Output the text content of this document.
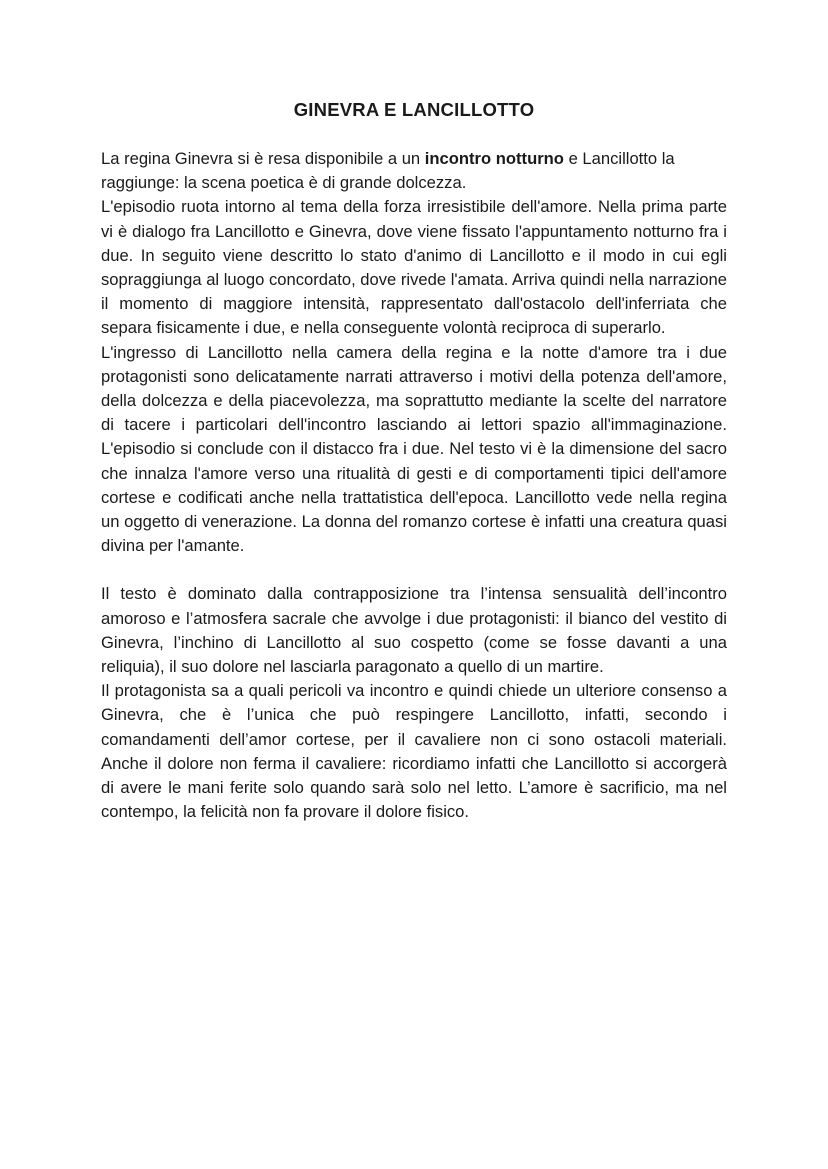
GINEVRA E LANCILLOTTO

La regina Ginevra si è resa disponibile a un incontro notturno e Lancillotto la raggiunge: la scena poetica è di grande dolcezza.

L'episodio ruota intorno al tema della forza irresistibile dell'amore. Nella prima parte vi è dialogo fra Lancillotto e Ginevra, dove viene fissato l'appuntamento notturno fra i due. In seguito viene descritto lo stato d'animo di Lancillotto e il modo in cui egli sopraggiunga al luogo concordato, dove rivede l'amata. Arriva quindi nella narrazione il momento di maggiore intensità, rappresentato dall'ostacolo dell'inferriata che separa fisicamente i due, e nella conseguente volontà reciproca di superarlo.

L'ingresso di Lancillotto nella camera della regina e la notte d'amore tra i due protagonisti sono delicatamente narrati attraverso i motivi della potenza dell'amore, della dolcezza e della piacevolezza, ma soprattutto mediante la scelte del narratore di tacere i particolari dell'incontro lasciando ai lettori spazio all'immaginazione. L'episodio si conclude con il distacco fra i due. Nel testo vi è la dimensione del sacro che innalza l'amore verso una ritualità di gesti e di comportamenti tipici dell'amore cortese e codificati anche nella trattatistica dell'epoca. Lancillotto vede nella regina un oggetto di venerazione. La donna del romanzo cortese è infatti una creatura quasi divina per l'amante.

Il testo è dominato dalla contrapposizione tra l’intensa sensualità dell’incontro amoroso e l’atmosfera sacrale che avvolge i due protagonisti: il bianco del vestito di Ginevra, l’inchino di Lancillotto al suo cospetto (come se fosse davanti a una reliquia), il suo dolore nel lasciarla paragonato a quello di un martire.

Il protagonista sa a quali pericoli va incontro e quindi chiede un ulteriore consenso a Ginevra, che è l’unica che può respingere Lancillotto, infatti, secondo i comandamenti dell’amor cortese, per il cavaliere non ci sono ostacoli materiali. Anche il dolore non ferma il cavaliere: ricordiamo infatti che Lancillotto si accorgerà di avere le mani ferite solo quando sarà solo nel letto. L’amore è sacrificio, ma nel contempo, la felicità non fa provare il dolore fisico.
